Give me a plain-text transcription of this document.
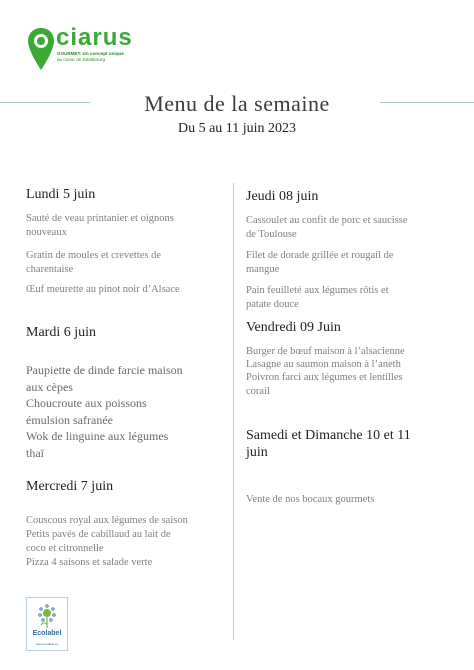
ciarus
GOURMET. Un concept unique
au coeur de Strasbourg
Menu de la semaine
Du 5 au 11 juin 2023
Lundi 5 juin
Sauté de veau printanier et oignons
nouveaux
Gratin de moules et crevettes de
charentaise
Œuf meurette au pinot noir d’Alsace
Mardi 6 juin
Paupiette de dinde farcie maison
aux cèpes
Choucroute aux poissons
émulsion safranée
Wok de linguine aux légumes
thaï
Mercredi 7 juin
Couscous royal aux légumes de saison
Petits pavés de cabillaud au lait de
coco et citronnelle
Pizza 4 saisons et salade verte
Jeudi 08 juin
Cassoulet au confit de porc et saucisse
de Toulouse
Filet de dorade grillée et rougail de
mangue
Pain feuilleté aux légumes rôtis et
patate douce
Vendredi 09 Juin
Burger de bœuf maison à l’alsacienne
Lasagne au saumon maison à l’aneth
Poivron farci aux légumes et lentilles
corail
Samedi et Dimanche 10 et 11
juin
Vente de nos bocaux gourmets
Ecolabel
www.ecolabel.eu
